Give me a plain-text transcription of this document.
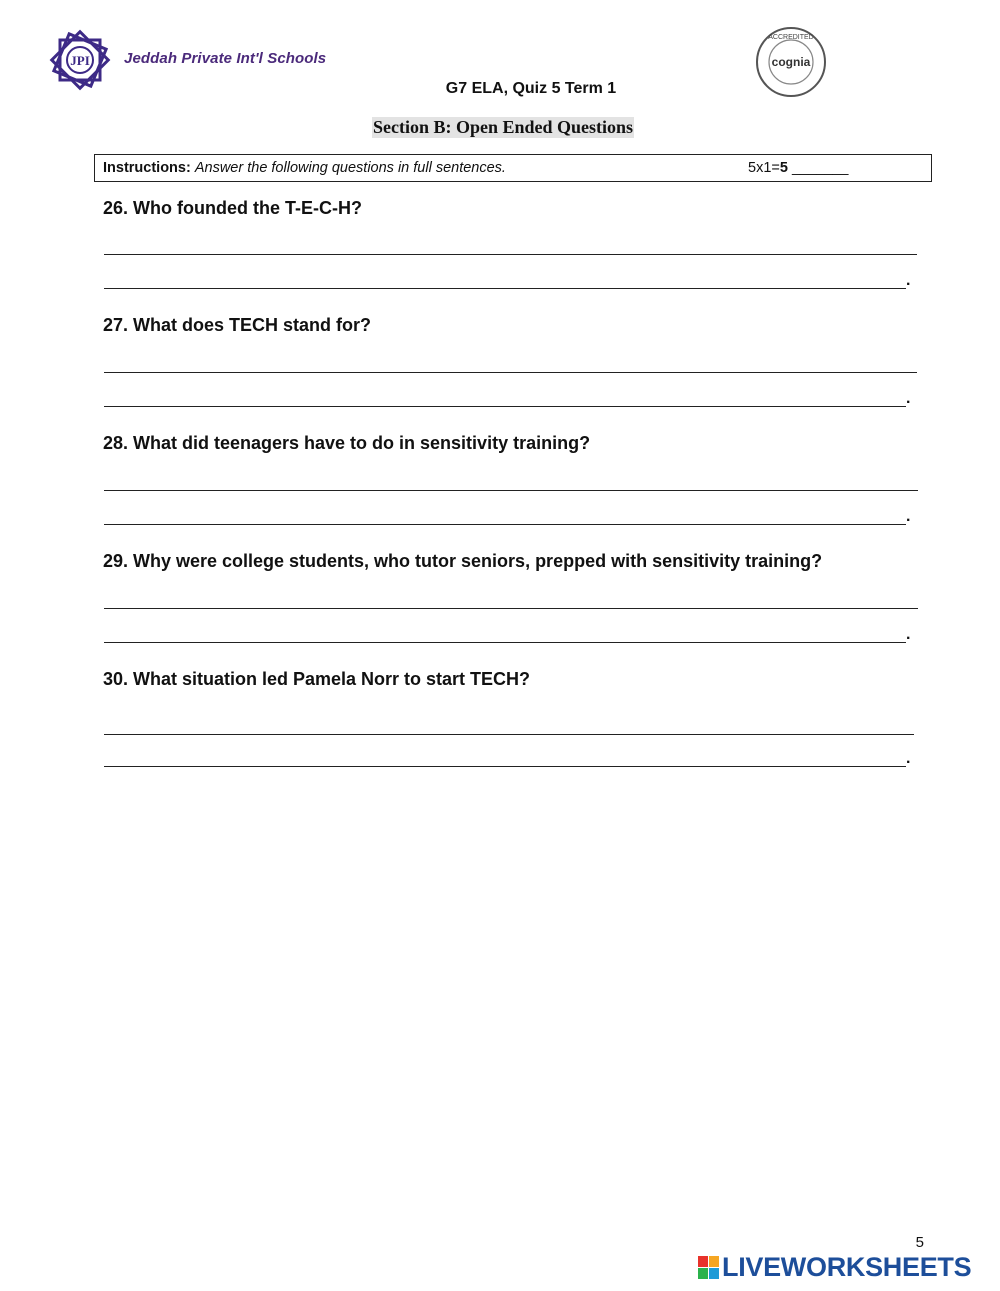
JPI Jeddah Private Int'l Schools
ACCREDITED
cognia
G7 ELA, Quiz 5 Term 1
Section B: Open Ended Questions
Instructions: Answer the following questions in full sentences.	5x1=5 _______
26. Who founded the T-E-C-H?
.
27. What does TECH stand for?
.
28. What did teenagers have to do in sensitivity training?
.
29. Why were college students, who tutor seniors, prepped with sensitivity training?
.
30. What situation led Pamela Norr to start TECH?
.
5
LIVEWORKSHEETS
